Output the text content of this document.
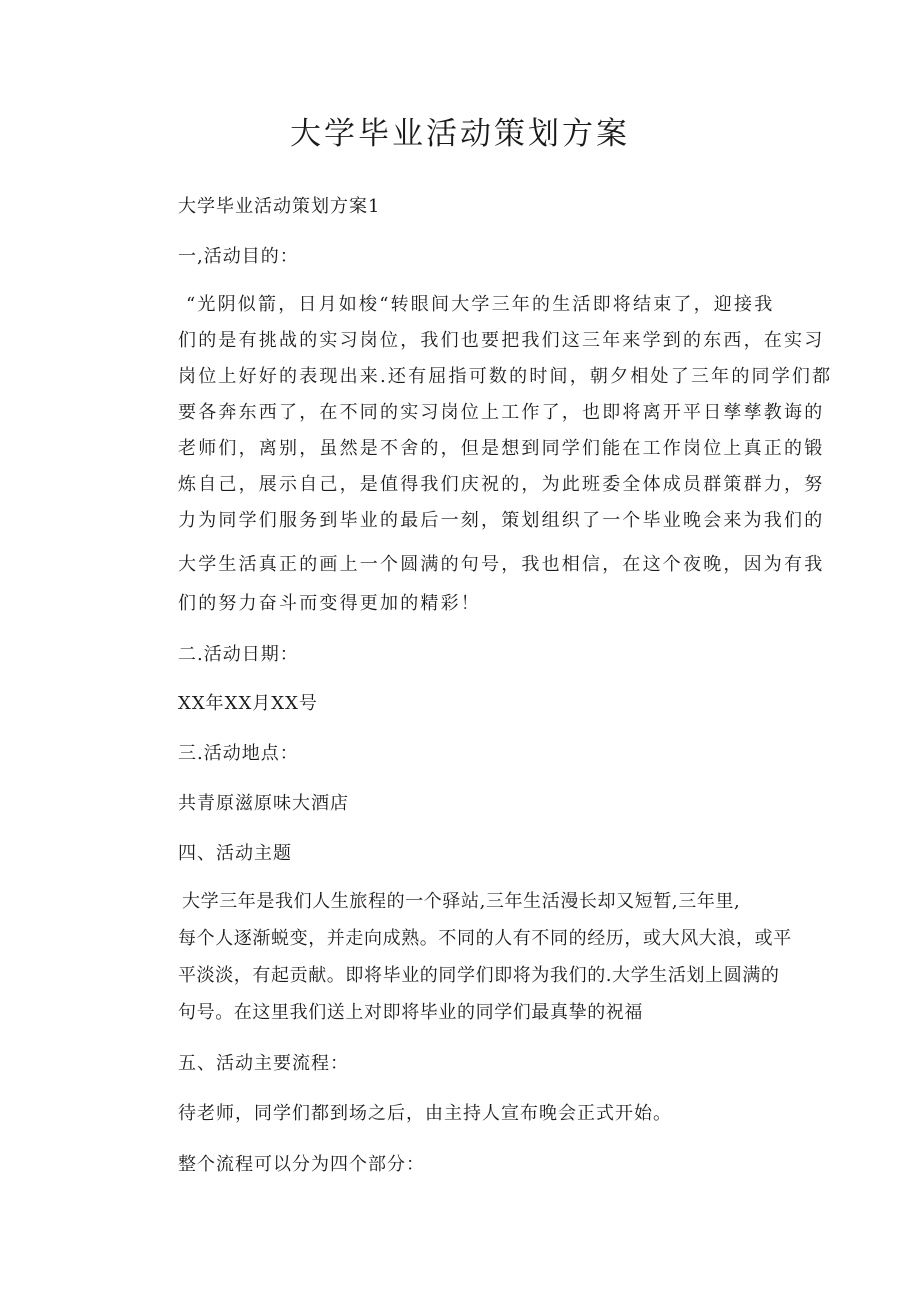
大学毕业活动策划方案
大学毕业活动策划方案1
一,活动目的：
“光阴似箭，日月如梭“转眼间大学三年的生活即将结束了，迎接我
们的是有挑战的实习岗位，我们也要把我们这三年来学到的东西，在实习
岗位上好好的表现出来.还有屈指可数的时间，朝夕相处了三年的同学们都
要各奔东西了，在不同的实习岗位上工作了，也即将离开平日孳孳教诲的
老师们，离别，虽然是不舍的，但是想到同学们能在工作岗位上真正的锻
炼自己，展示自己，是值得我们庆祝的，为此班委全体成员群策群力，努
力为同学们服务到毕业的最后一刻，策划组织了一个毕业晚会来为我们的
大学生活真正的画上一个圆满的句号，我也相信，在这个夜晚，因为有我
们的努力奋斗而变得更加的精彩！
二.活动日期：
XX年XX月XX号
三.活动地点：
共青原滋原味大酒店
四、活动主题
大学三年是我们人生旅程的一个驿站,三年生活漫长却又短暂,三年里,
每个人逐渐蜕变，并走向成熟。不同的人有不同的经历，或大风大浪，或平
平淡淡，有起贡献。即将毕业的同学们即将为我们的.大学生活划上圆满的
句号。在这里我们送上对即将毕业的同学们最真挚的祝福
五、活动主要流程：
待老师，同学们都到场之后，由主持人宣布晚会正式开始。
整个流程可以分为四个部分：
